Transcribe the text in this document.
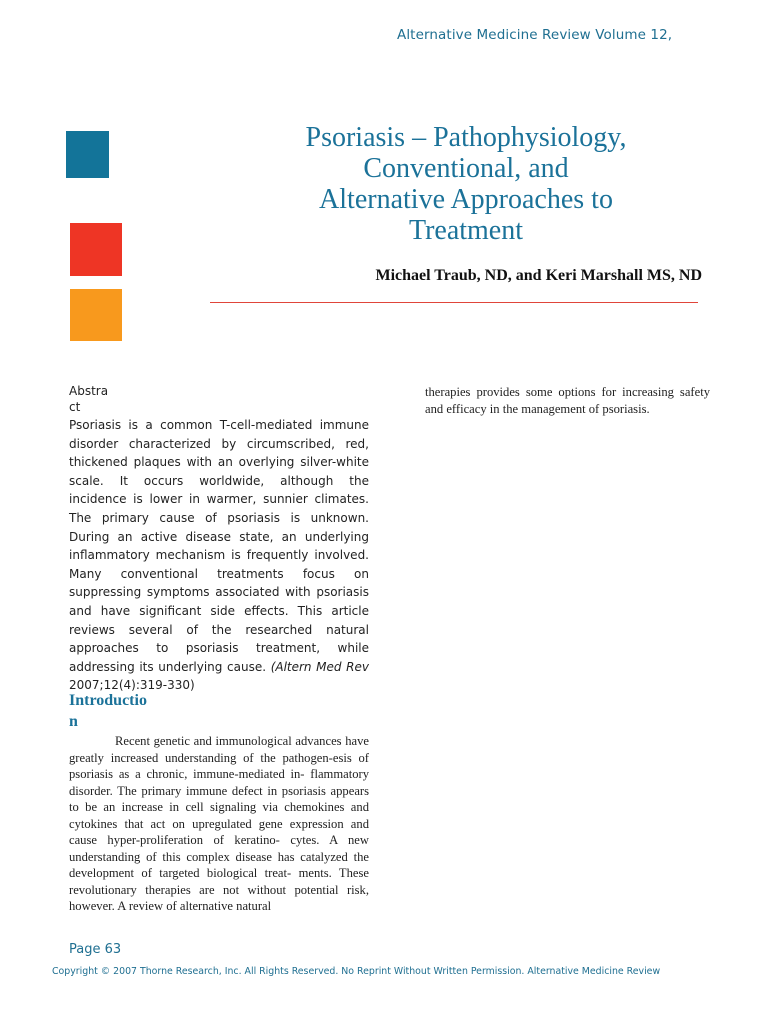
Alternative Medicine Review Volume 12,
Psoriasis – Pathophysiology,
Conventional, and
Alternative Approaches to
Treatment
Michael Traub, ND, and Keri Marshall MS, ND
Abstra
ct
Psoriasis is a common T-cell-mediated immune disorder characterized by circumscribed, red, thickened plaques with an overlying silver-white scale. It occurs worldwide, although the incidence is lower in warmer, sunnier climates. The primary cause of psoriasis is unknown. During an active disease state, an underlying inflammatory mechanism is frequently involved. Many conventional treatments focus on suppressing symptoms associated with psoriasis and have significant side effects. This article reviews several of the researched natural approaches to psoriasis treatment, while addressing its underlying cause. (Altern Med Rev 2007;12(4):319-330)
Introductio
n
Recent genetic and immunological advances have greatly increased understanding of the pathogen-esis of psoriasis as a chronic, immune-mediated in- flammatory disorder. The primary immune defect in psoriasis appears to be an increase in cell signaling via chemokines and cytokines that act on upregulated gene expression and cause hyper-proliferation of keratino- cytes. A new understanding of this complex disease has catalyzed the development of targeted biological treat- ments. These revolutionary therapies are not without potential risk, however. A review of alternative natural
therapies provides some options for increasing safety and efficacy in the management of psoriasis.
Page 63
Copyright © 2007 Thorne Research, Inc. All Rights Reserved. No Reprint Without Written Permission. Alternative Medicine Review
